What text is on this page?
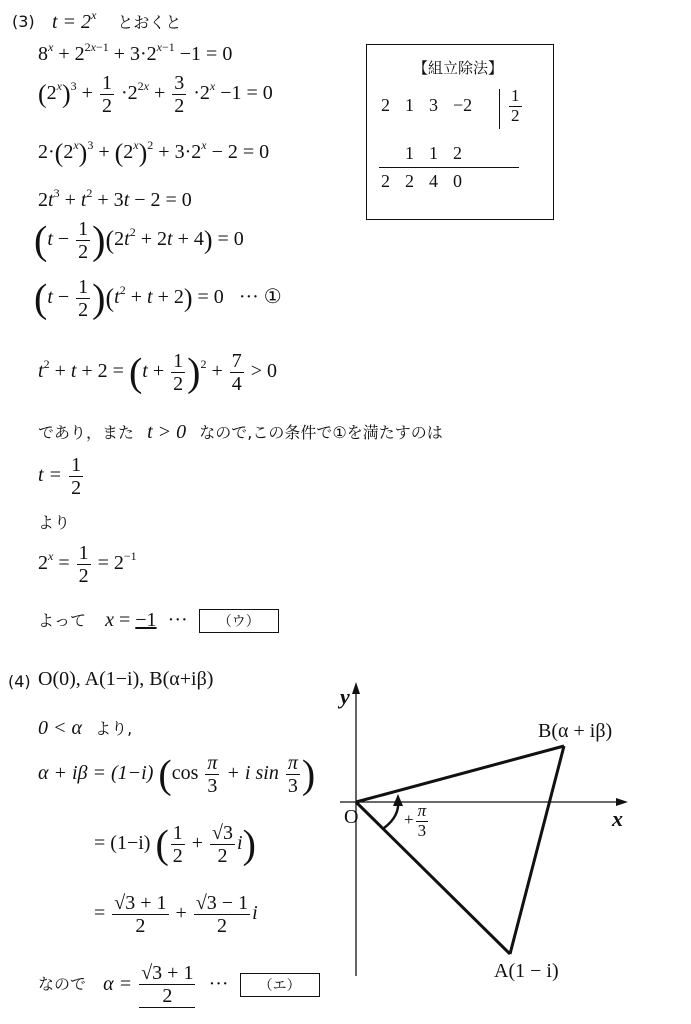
(3) $t = 2^x$ とおくと
$8^x + 2^{2x-1} + 3\cdot 2^{x-1} -1 = 0$
$(2^x)^3 + \frac{1}{2} \cdot 2^{2x} + \frac{3}{2} \cdot 2^x -1 = 0$
$2\cdot(2^x)^3 + (2^x)^2 + 3\cdot 2^x - 2 = 0$
$2t^3 + t^2 + 3t - 2 = 0$
$(t - \frac{1}{2} )(2t^2 + 2t + 4) = 0$
$(t - \frac{1}{2} )(t^2 + t + 2) = 0$ ··· ①
$t^2 + t + 2 = (t + \frac{1}{2} )^2 + \frac{7}{4} > 0$
であり，また t > 0 なので,この条件で①を満たすのは
$t = \frac{1}{2}$
より
$2^x = \frac{1}{2} = 2^{-1}$
よって x = −1 ··· （ウ）
【組立除法】
2 1 3 −2	$\frac{1}{2}$
1 1 2
2 2 4 0
(4) O(0), A(1−i), B(α+iβ)
0 < α より,
α + iβ = (1−i) ($\cos \frac{\pi}{3} + i$ $\sin \frac{\pi}{3}$ )
= (1−i) ( $\frac{1}{2} + \frac{√3}{2} i$)
= $\frac{√3 + 1}{2} + \frac{√3 - 1}{2}$ i
なので $\alpha = \frac{√3 + 1}{2}$ ··· （エ）
y
x
O
B(α + iβ)
A(1 − i)
+ $\frac{\pi}{3}$
